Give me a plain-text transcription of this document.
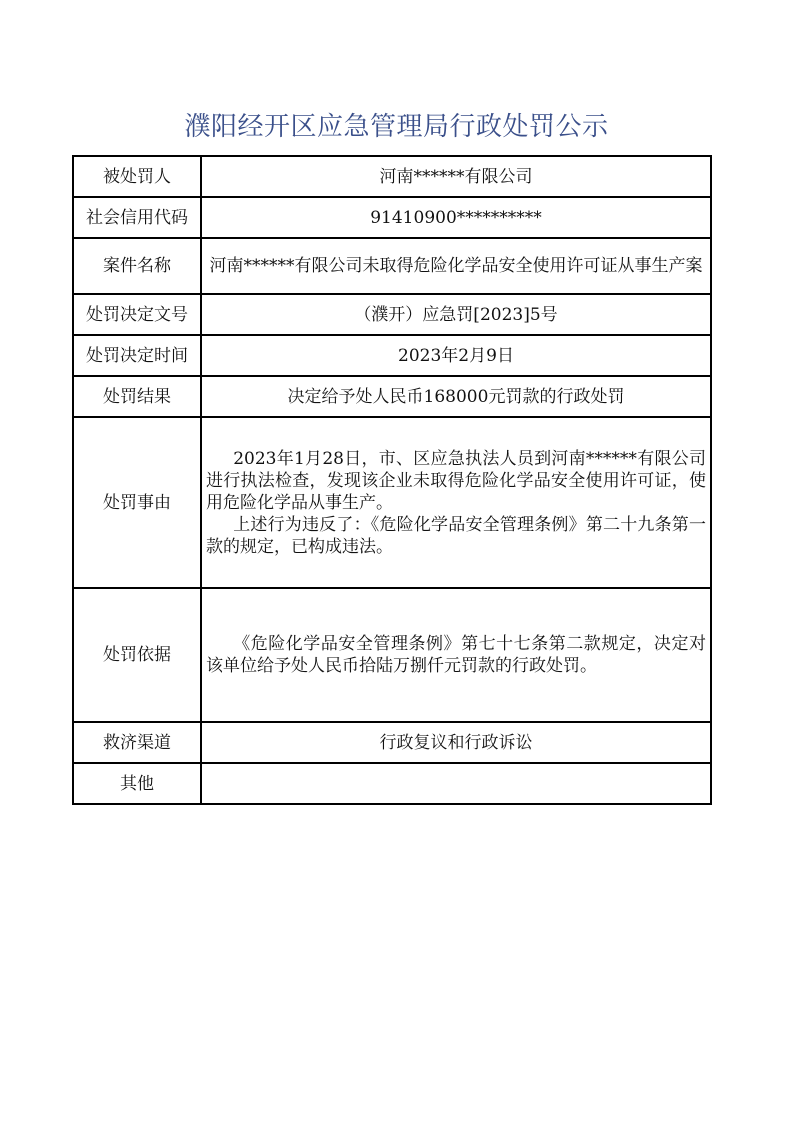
濮阳经开区应急管理局行政处罚公示
被处罚人	河南******有限公司
社会信用代码	91410900**********
案件名称	河南******有限公司未取得危险化学品安全使用许可证从事生产案
处罚决定文号	（濮开）应急罚[2023]5号
处罚决定时间	2023年2月9日
处罚结果	决定给予处人民币168000元罚款的行政处罚
处罚事由	2023年1月28日，市、区应急执法人员到河南******有限公司进行执法检查，发现该企业未取得危险化学品安全使用许可证，使用危险化学品从事生产。

上述行为违反了：《危险化学品安全管理条例》第二十九条第一款的规定，已构成违法。

处罚依据	《危险化学品安全管理条例》第七十七条第二款规定，决定对该单位给予处人民币拾陆万捌仟元罚款的行政处罚。

救济渠道	行政复议和行政诉讼
其他	
